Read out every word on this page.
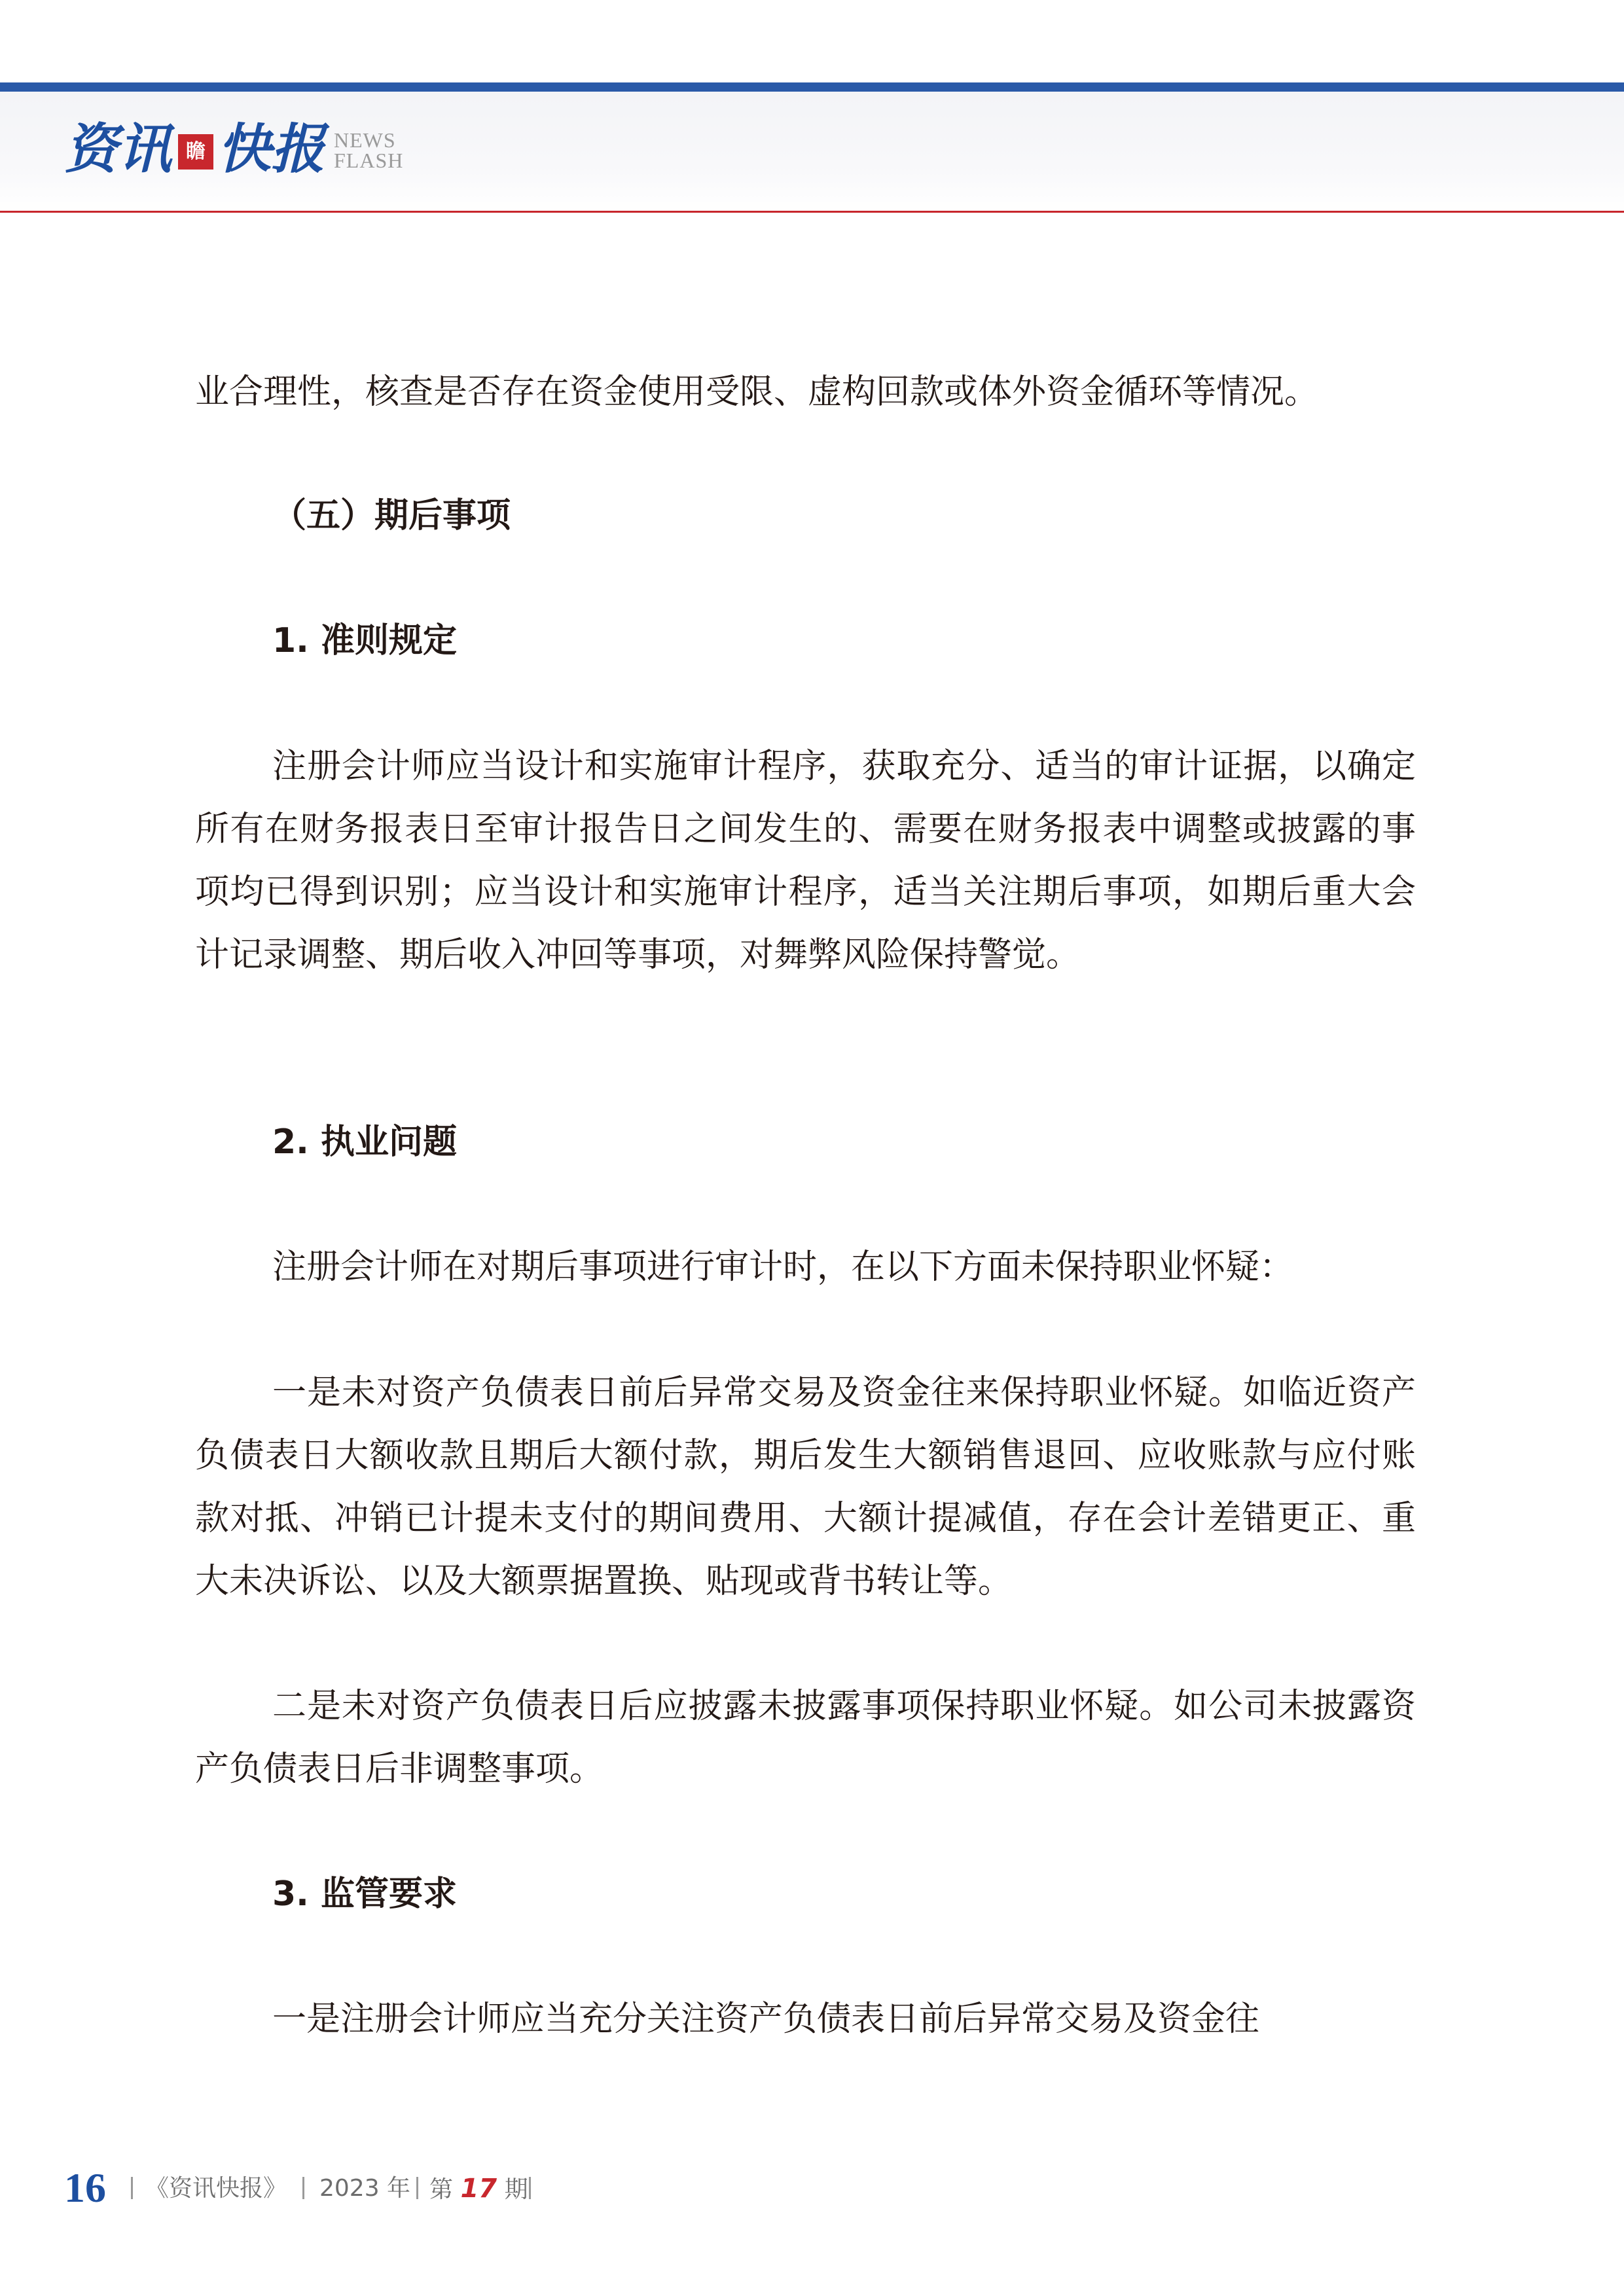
资讯 瞻 快报 NEWS
FLASH

业合理性，核查是否存在资金使用受限、虚构回款或体外资金循环等情况。

（五）期后事项

1. 准则规定

注册会计师应当设计和实施审计程序，获取充分、适当的审计证据，以确定所有在财务报表日至审计报告日之间发生的、需要在财务报表中调整或披露的事项均已得到识别；应当设计和实施审计程序，适当关注期后事项，如期后重大会计记录调整、期后收入冲回等事项，对舞弊风险保持警觉。

2. 执业问题

注册会计师在对期后事项进行审计时，在以下方面未保持职业怀疑：

一是未对资产负债表日前后异常交易及资金往来保持职业怀疑。如临近资产负债表日大额收款且期后大额付款，期后发生大额销售退回、应收账款与应付账款对抵、冲销已计提未支付的期间费用、大额计提减值，存在会计差错更正、重大未决诉讼、以及大额票据置换、贴现或背书转让等。

二是未对资产负债表日后应披露未披露事项保持职业怀疑。如公司未披露资产负债表日后非调整事项。

3. 监管要求

一是注册会计师应当充分关注资产负债表日前后异常交易及资金往

16 《资讯快报》 2023 年 第 17 期
